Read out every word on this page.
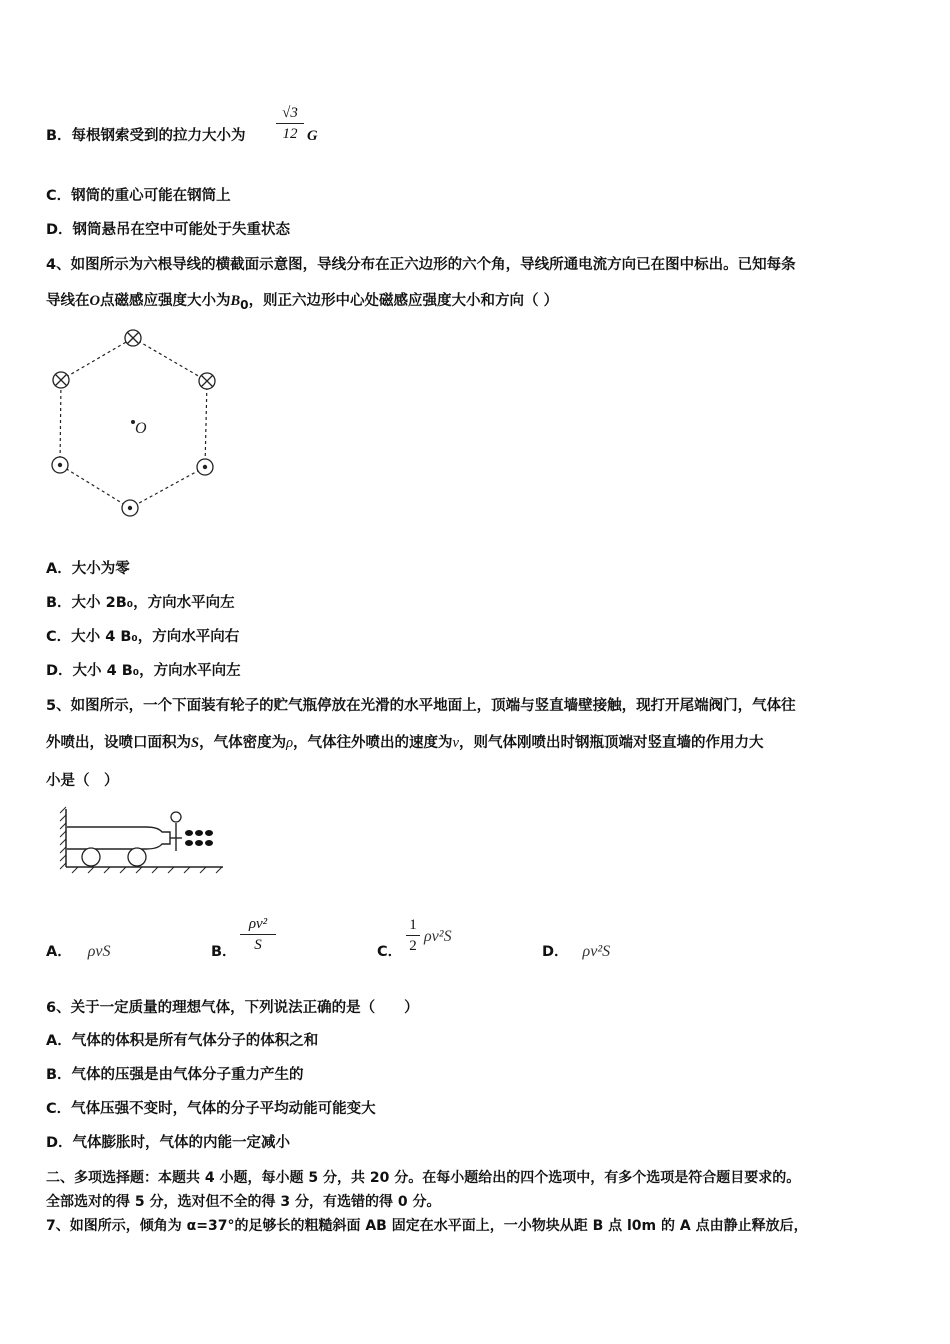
B．每根钢索受到的拉力大小为
√3
12 G
C．钢筒的重心可能在钢筒上
D．钢筒悬吊在空中可能处于失重状态
4、如图所示为六根导线的横截面示意图，导线分布在正六边形的六个角，导线所通电流方向已在图中标出。已知每条
导线在O点磁感应强度大小为$B_0$，则正六边形中心处磁感应强度大小和方向（ ）
O
A．大小为零
B．大小 2B₀，方向水平向左
C．大小 4 B₀，方向水平向右
D．大小 4 B₀，方向水平向左
5、如图所示，一个下面装有轮子的贮气瓶停放在光滑的水平地面上，顶端与竖直墙壁接触，现打开尾端阀门，气体往
外喷出，设喷口面积为S，气体密度为ρ，气体往外喷出的速度为v，则气体刚喷出时钢瓶顶端对竖直墙的作用力大
小是（　）
A． ρvS	B．
ρv²
S	C．
1
2
ρv²S
D． ρv²S
6、关于一定质量的理想气体，下列说法正确的是（　　）
A．气体的体积是所有气体分子的体积之和
B．气体的压强是由气体分子重力产生的
C．气体压强不变时，气体的分子平均动能可能变大
D．气体膨胀时，气体的内能一定减小
二、多项选择题：本题共 4 小题，每小题 5 分，共 20 分。在每小题给出的四个选项中，有多个选项是符合题目要求的。
全部选对的得 5 分，选对但不全的得 3 分，有选错的得 0 分。
7、如图所示，倾角为 α=37°的足够长的粗糙斜面 AB 固定在水平面上，一小物块从距 B 点 l0m 的 A 点由静止释放后，
